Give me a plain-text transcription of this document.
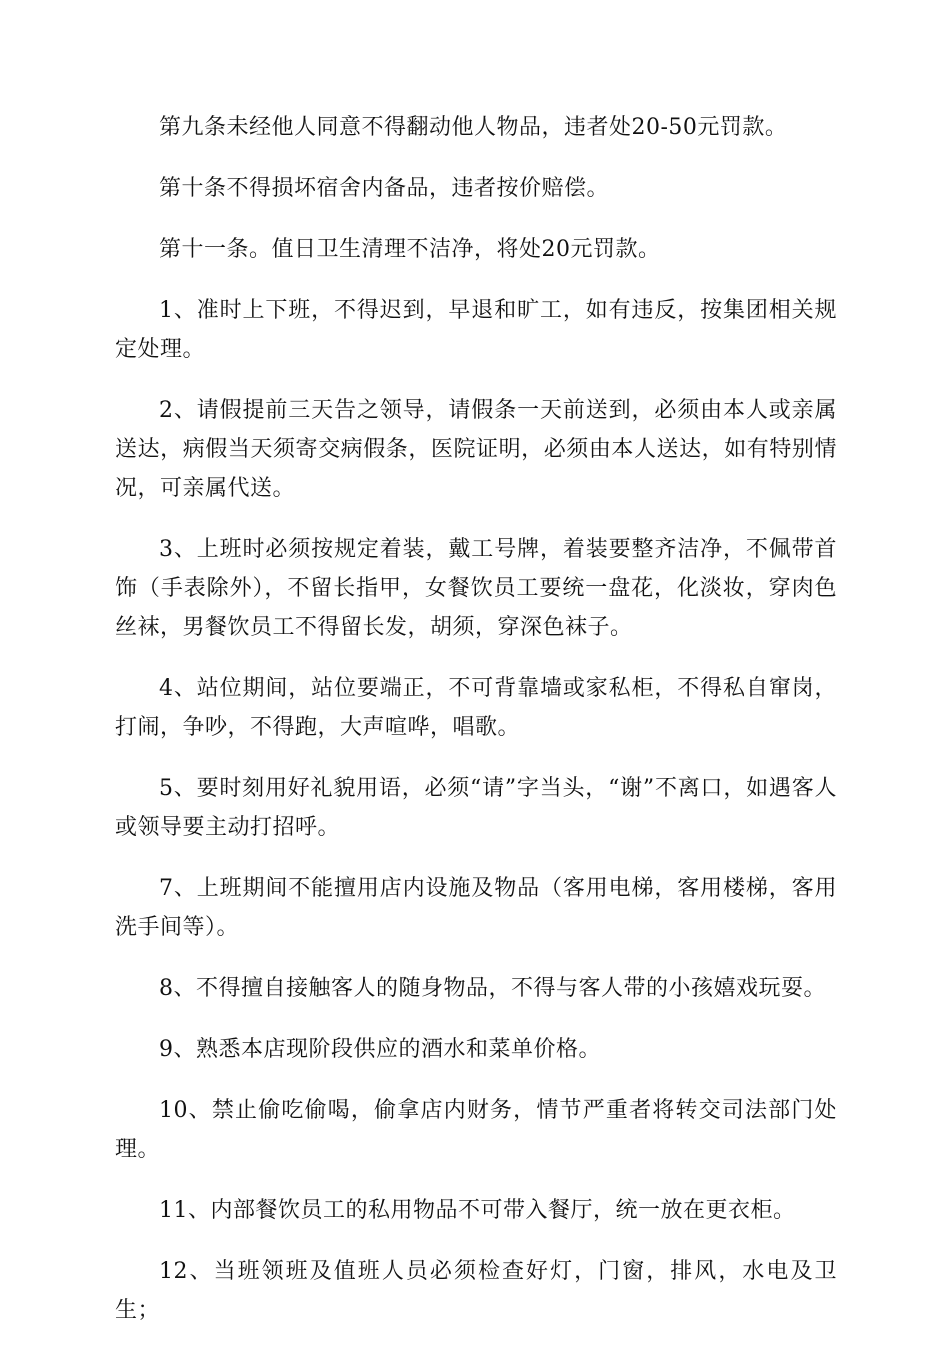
第九条未经他人同意不得翻动他人物品，违者处20-50元罚款。

第十条不得损坏宿舍内备品，违者按价赔偿。

第十一条。值日卫生清理不洁净，将处20元罚款。

1、准时上下班，不得迟到，早退和旷工，如有违反，按集团相关规定处理。

2、请假提前三天告之领导，请假条一天前送到，必须由本人或亲属送达，病假当天须寄交病假条，医院证明，必须由本人送达，如有特别情况，可亲属代送。

3、上班时必须按规定着装，戴工号牌，着装要整齐洁净，不佩带首饰（手表除外），不留长指甲，女餐饮员工要统一盘花，化淡妆，穿肉色丝袜，男餐饮员工不得留长发，胡须，穿深色袜子。

4、站位期间，站位要端正，不可背靠墙或家私柜，不得私自窜岗，打闹，争吵，不得跑，大声喧哗，唱歌。

5、要时刻用好礼貌用语，必须“请”字当头，“谢”不离口，如遇客人或领导要主动打招呼。

7、上班期间不能擅用店内设施及物品（客用电梯，客用楼梯，客用洗手间等）。

8、不得擅自接触客人的随身物品，不得与客人带的小孩嬉戏玩耍。

9、熟悉本店现阶段供应的酒水和菜单价格。

10、禁止偷吃偷喝，偷拿店内财务，情节严重者将转交司法部门处理。

11、内部餐饮员工的私用物品不可带入餐厅，统一放在更衣柜。

12、当班领班及值班人员必须检查好灯，门窗，排风，水电及卫生；
